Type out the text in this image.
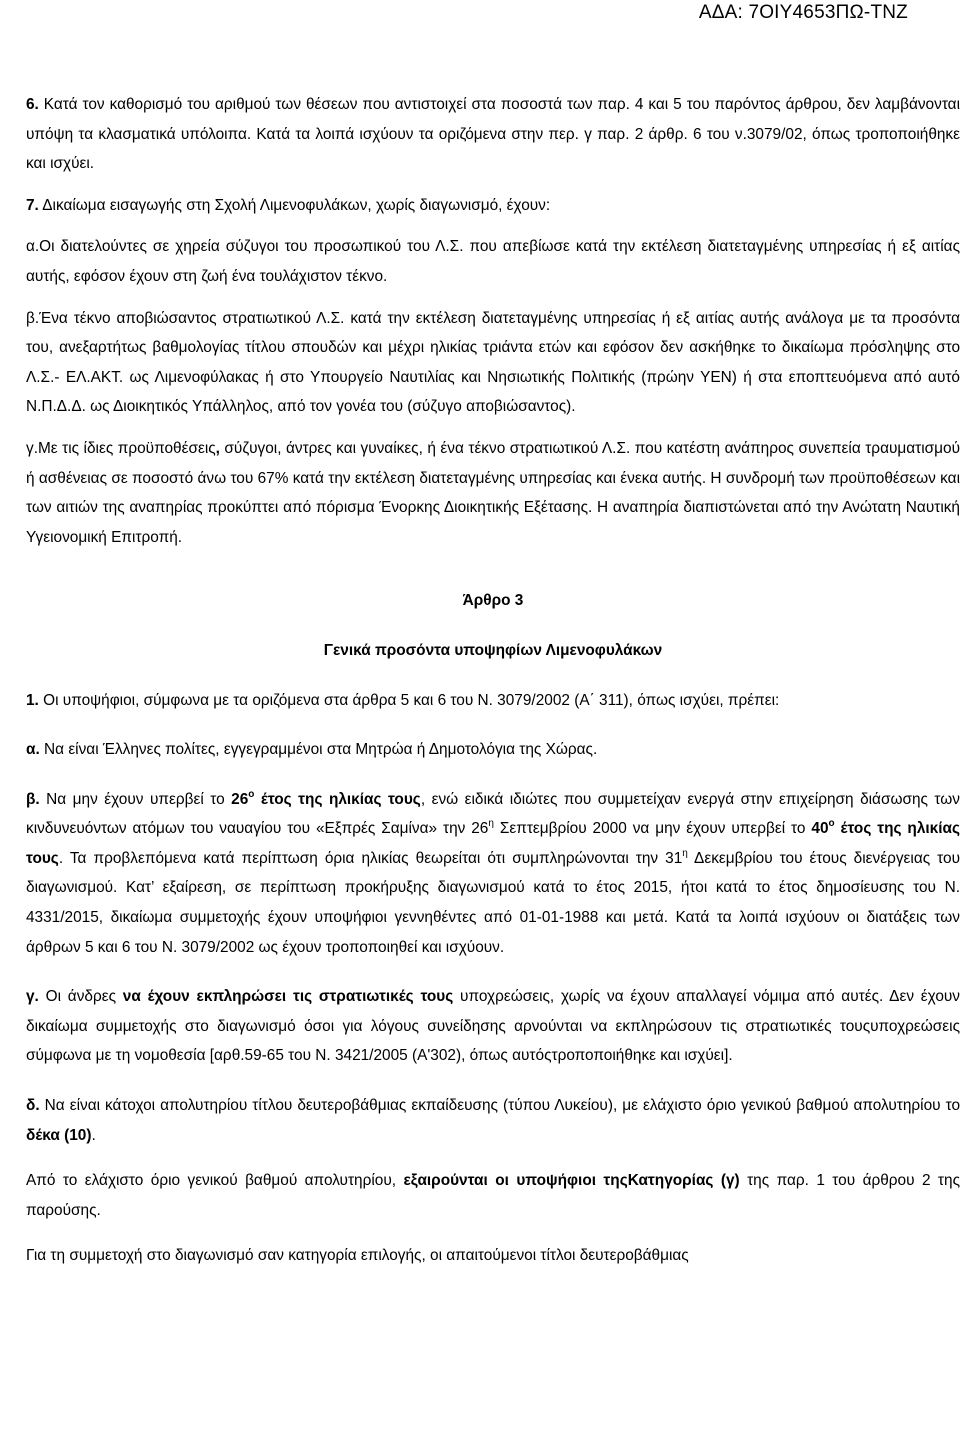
ΑΔΑ: 7ΟΙΥ4653ΠΩ-ΤΝΖ

6. Κατά τον καθορισμό του αριθμού των θέσεων που αντιστοιχεί στα ποσοστά των παρ. 4 και 5 του παρόντος άρθρου, δεν λαμβάνονται υπόψη τα κλασματικά υπόλοιπα. Κατά τα λοιπά ισχύουν τα οριζόμενα στην περ. γ παρ. 2 άρθρ. 6 του ν.3079/02, όπως τροποποιήθηκε και ισχύει.

7. Δικαίωμα εισαγωγής στη Σχολή Λιμενοφυλάκων, χωρίς διαγωνισμό, έχουν:

α.Οι διατελούντες σε χηρεία σύζυγοι του προσωπικού του Λ.Σ. που απεβίωσε κατά την εκτέλεση διατεταγμένης υπηρεσίας ή εξ αιτίας αυτής, εφόσον έχουν στη ζωή ένα τουλάχιστον τέκνο.

β.Ένα τέκνο αποβιώσαντος στρατιωτικού Λ.Σ. κατά την εκτέλεση διατεταγμένης υπηρεσίας ή εξ αιτίας αυτής ανάλογα με τα προσόντα του, ανεξαρτήτως βαθμολογίας τίτλου σπουδών και μέχρι ηλικίας τριάντα ετών και εφόσον δεν ασκήθηκε το δικαίωμα πρόσληψης στο Λ.Σ.- ΕΛ.ΑΚΤ. ως Λιμενοφύλακας ή στο Υπουργείο Ναυτιλίας και Νησιωτικής Πολιτικής (πρώην ΥΕΝ) ή στα εποπτευόμενα από αυτό Ν.Π.Δ.Δ. ως Διοικητικός Υπάλληλος, από τον γονέα του (σύζυγο αποβιώσαντος).

γ.Με τις ίδιες προϋποθέσεις, σύζυγοι, άντρες και γυναίκες, ή ένα τέκνο στρατιωτικού Λ.Σ. που κατέστη ανάπηρος συνεπεία τραυματισμού ή ασθένειας σε ποσοστό άνω του 67% κατά την εκτέλεση διατεταγμένης υπηρεσίας και ένεκα αυτής. Η συνδρομή των προϋποθέσεων και των αιτιών της αναπηρίας προκύπτει από πόρισμα Ένορκης Διοικητικής Εξέτασης. Η αναπηρία διαπιστώνεται από την Ανώτατη Ναυτική Υγειονομική Επιτροπή.

Άρθρο 3

Γενικά προσόντα υποψηφίων Λιμενοφυλάκων

1. Οι υποψήφιοι, σύμφωνα με τα οριζόμενα στα άρθρα 5 και 6 του Ν. 3079/2002 (Α΄ 311), όπως ισχύει, πρέπει:

α. Να είναι Έλληνες πολίτες, εγγεγραμμένοι στα Μητρώα ή Δημοτολόγια της Χώρας.

β. Να μην έχουν υπερβεί το $26^o$ έτος της ηλικίας τους, ενώ ειδικά ιδιώτες που συμμετείχαν ενεργά στην επιχείρηση διάσωσης των κινδυνευόντων ατόμων του ναυαγίου του «Εξπρές Σαμίνα» την $26^\eta$ Σεπτεμβρίου 2000 να μην έχουν υπερβεί το $40^o$ έτος της ηλικίας τους. Τα προβλεπόμενα κατά περίπτωση όρια ηλικίας θεωρείται ότι συμπληρώνονται την $31^\eta$ Δεκεμβρίου του έτους διενέργειας του διαγωνισμού. Κατ’ εξαίρεση, σε περίπτωση προκήρυξης διαγωνισμού κατά το έτος 2015, ήτοι κατά το έτος δημοσίευσης του Ν. 4331/2015, δικαίωμα συμμετοχής έχουν υποψήφιοι γεννηθέντες από 01-01-1988 και μετά. Κατά τα λοιπά ισχύουν οι διατάξεις των άρθρων 5 και 6 του Ν. 3079/2002 ως έχουν τροποποιηθεί και ισχύουν.

γ. Οι άνδρες να έχουν εκπληρώσει τις στρατιωτικές τους υποχρεώσεις, χωρίς να έχουν απαλλαγεί νόμιμα από αυτές. Δεν έχουν δικαίωμα συμμετοχής στο διαγωνισμό όσοι για λόγους συνείδησης αρνούνται να εκπληρώσουν τις στρατιωτικές τουςυποχρεώσεις σύμφωνα με τη νομοθεσία [αρθ.59-65 του Ν. 3421/2005 (Α'302), όπως αυτόςτροποποιήθηκε και ισχύει].

δ. Να είναι κάτοχοι απολυτηρίου τίτλου δευτεροβάθμιας εκπαίδευσης (τύπου Λυκείου), με ελάχιστο όριο γενικού βαθμού απολυτηρίου το δέκα (10).

Από το ελάχιστο όριο γενικού βαθμού απολυτηρίου, εξαιρούνται οι υποψήφιοι τηςΚατηγορίας (γ) της παρ. 1 του άρθρου 2 της παρούσης.

Για τη συμμετοχή στο διαγωνισμό σαν κατηγορία επιλογής, οι απαιτούμενοι τίτλοι δευτεροβάθμιας
